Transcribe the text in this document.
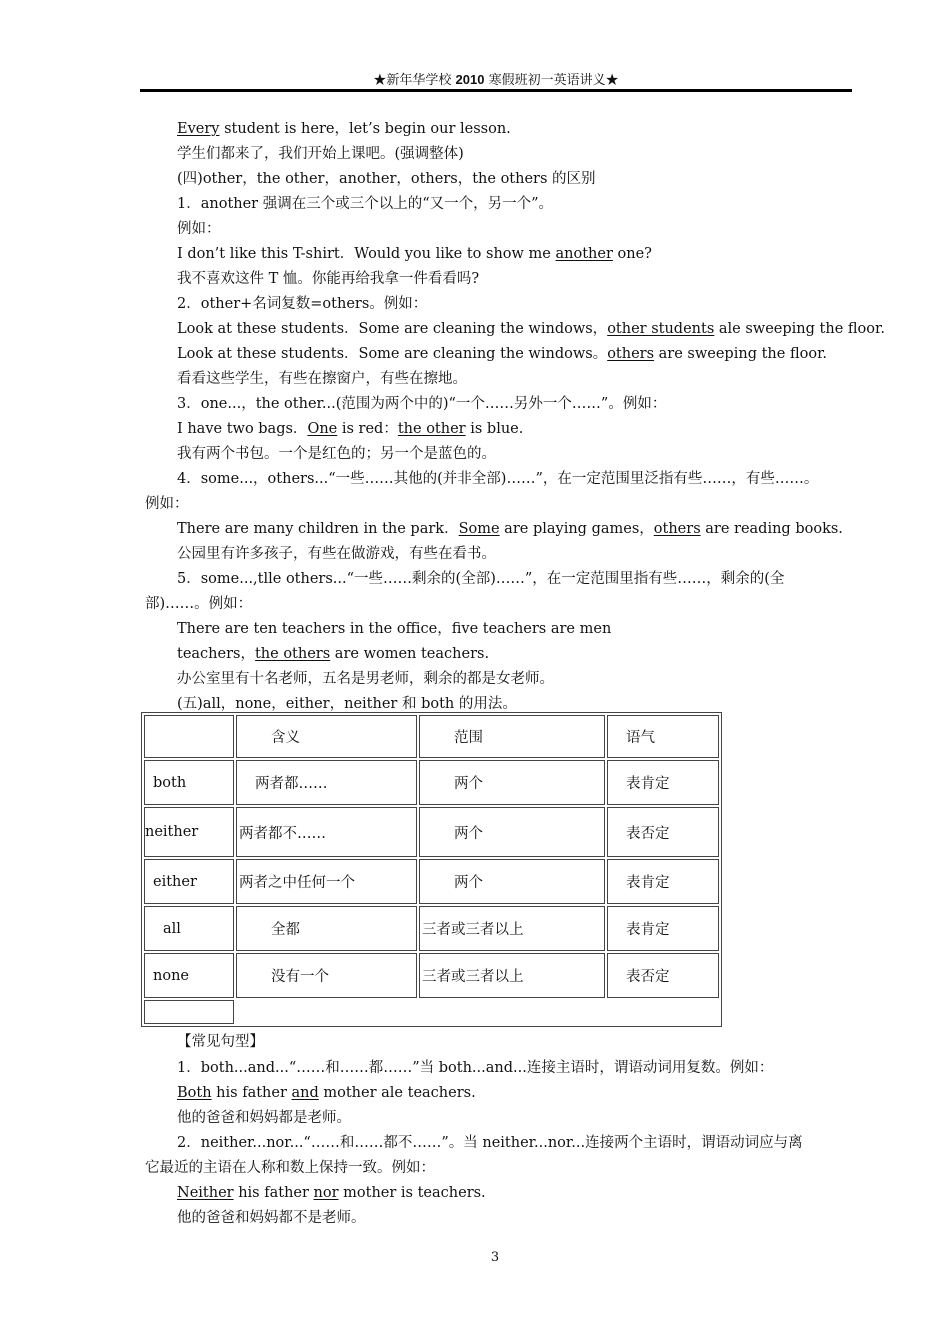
★新年华学校 2010 寒假班初一英语讲义★
Every student is here，let’s begin our lesson.
学生们都来了，我们开始上课吧。(强调整体)
(四)other，the other，another，others，the others 的区别
1．another 强调在三个或三个以上的“又一个，另一个”。
例如：
I don’t like this T-shirt．Would you like to show me another one?
我不喜欢这件 T 恤。你能再给我拿一件看看吗?
2．other+名词复数=others。例如：
Look at these students．Some are cleaning the windows，other students ale sweeping the floor.
Look at these students．Some are cleaning the windows。others are sweeping the floor.
看看这些学生，有些在擦窗户，有些在擦地。
3．one...，the other...(范围为两个中的)“一个……另外一个……”。例如：
I have two bags．One is red：the other is blue.
我有两个书包。一个是红色的；另一个是蓝色的。
4．some...，others...“一些……其他的(并非全部)……”，在一定范围里泛指有些……，有些……。
例如：
There are many children in the park．Some are playing games，others are reading books.
公园里有许多孩子，有些在做游戏，有些在看书。
5．some...,tlle others...“一些……剩余的(全部)……”，在一定范围里指有些……，剩余的(全
部)……。例如：
There are ten teachers in the office，five teachers are men
teachers，the others are women teachers.
办公室里有十名老师，五名是男老师，剩余的都是女老师。
(五)all，none，either，neither 和 both 的用法。
	含义	范围	语气
both	两者都……	两个	表肯定
neither	两者都不……	两个	表否定
either	两者之中任何一个	两个	表肯定
all	全都	三者或三者以上	表肯定
none	没有一个	三者或三者以上	表否定

【常见句型】
1．both...and...“……和……都……”当 both...and...连接主语时，谓语动词用复数。例如：
Both his father and mother ale teachers.
他的爸爸和妈妈都是老师。
2．neither...nor...“……和……都不……”。当 neither...nor...连接两个主语时，谓语动词应与离
它最近的主语在人称和数上保持一致。例如：
Neither his father nor mother is teachers.
他的爸爸和妈妈都不是老师。
3
